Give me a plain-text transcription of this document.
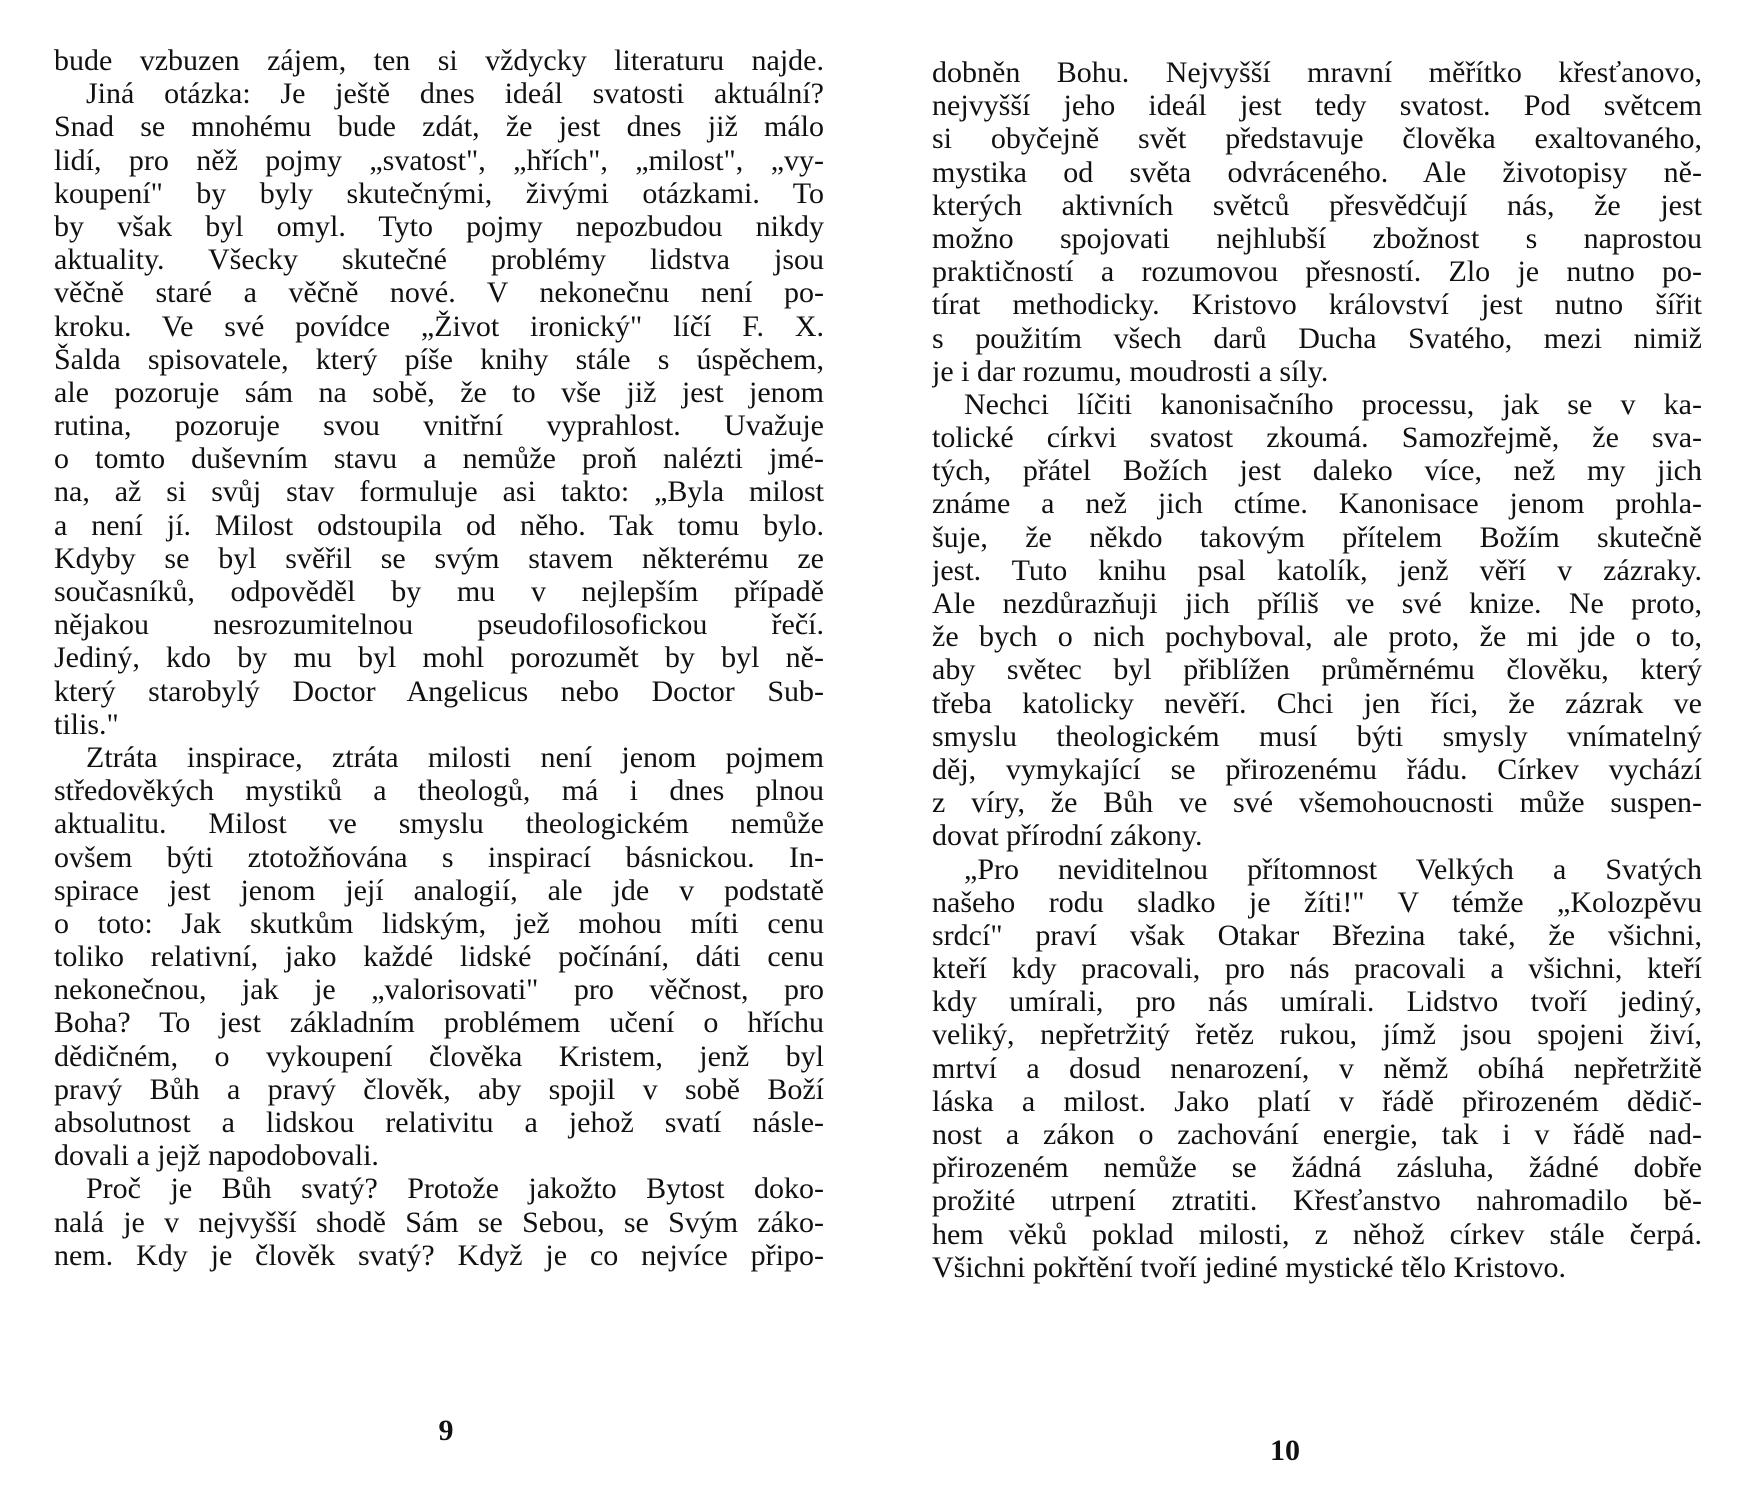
bude vzbuzen zájem, ten si vždycky literaturu najde.
Jiná otázka: Je ještě dnes ideál svatosti aktuální?
Snad se mnohému bude zdát, že jest dnes již málo
lidí, pro něž pojmy „svatost", „hřích", „milost", „vy-
koupení" by byly skutečnými, živými otázkami. To
by však byl omyl. Tyto pojmy nepozbudou nikdy
aktuality. Všecky skutečné problémy lidstva jsou
věčně staré a věčně nové. V nekonečnu není po-
kroku. Ve své povídce „Život ironický" líčí F. X.
Šalda spisovatele, který píše knihy stále s úspěchem,
ale pozoruje sám na sobě, že to vše již jest jenom
rutina, pozoruje svou vnitřní vyprahlost. Uvažuje
o tomto duševním stavu a nemůže proň nalézti jmé-
na, až si svůj stav formuluje asi takto: „Byla milost
a není jí. Milost odstoupila od něho. Tak tomu bylo.
Kdyby se byl svěřil se svým stavem některému ze
současníků, odpověděl by mu v nejlepším případě
nějakou nesrozumitelnou pseudofilosofickou řečí.
Jediný, kdo by mu byl mohl porozumět by byl ně-
který starobylý Doctor Angelicus nebo Doctor Sub-
tilis."
Ztráta inspirace, ztráta milosti není jenom pojmem
středověkých mystiků a theologů, má i dnes plnou
aktualitu. Milost ve smyslu theologickém nemůže
ovšem býti ztotožňována s inspirací básnickou. In-
spirace jest jenom její analogií, ale jde v podstatě
o toto: Jak skutkům lidským, jež mohou míti cenu
toliko relativní, jako každé lidské počínání, dáti cenu
nekonečnou, jak je „valorisovati" pro věčnost, pro
Boha? To jest základním problémem učení o hříchu
dědičném, o vykoupení člověka Kristem, jenž byl
pravý Bůh a pravý člověk, aby spojil v sobě Boží
absolutnost a lidskou relativitu a jehož svatí násle-
dovali a jejž napodobovali.
Proč je Bůh svatý? Protože jakožto Bytost doko-
nalá je v nejvyšší shodě Sám se Sebou, se Svým záko-
nem. Kdy je člověk svatý? Když je co nejvíce připo-
9
dobněn Bohu. Nejvyšší mravní měřítko křesťanovo,
nejvyšší jeho ideál jest tedy svatost. Pod světcem
si obyčejně svět představuje člověka exaltovaného,
mystika od světa odvráceného. Ale životopisy ně-
kterých aktivních světců přesvědčují nás, že jest
možno spojovati nejhlubší zbožnost s naprostou
praktičností a rozumovou přesností. Zlo je nutno po-
tírat methodicky. Kristovo království jest nutno šířit
s použitím všech darů Ducha Svatého, mezi nimiž
je i dar rozumu, moudrosti a síly.
Nechci líčiti kanonisačního processu, jak se v ka-
tolické církvi svatost zkoumá. Samozřejmě, že sva-
tých, přátel Božích jest daleko více, než my jich
známe a než jich ctíme. Kanonisace jenom prohla-
šuje, že někdo takovým přítelem Božím skutečně
jest. Tuto knihu psal katolík, jenž věří v zázraky.
Ale nezdůrazňuji jich příliš ve své knize. Ne proto,
že bych o nich pochyboval, ale proto, že mi jde o to,
aby světec byl přiblížen průměrnému člověku, který
třeba katolicky nevěří. Chci jen říci, že zázrak ve
smyslu theologickém musí býti smysly vnímatelný
děj, vymykající se přirozenému řádu. Církev vychází
z víry, že Bůh ve své všemohoucnosti může suspen-
dovat přírodní zákony.
„Pro neviditelnou přítomnost Velkých a Svatých
našeho rodu sladko je žíti!" V témže „Kolozpěvu
srdcí" praví však Otakar Březina také, že všichni,
kteří kdy pracovali, pro nás pracovali a všichni, kteří
kdy umírali, pro nás umírali. Lidstvo tvoří jediný,
veliký, nepřetržitý řetěz rukou, jímž jsou spojeni živí,
mrtví a dosud nenarození, v němž obíhá nepřetržitě
láska a milost. Jako platí v řádě přirozeném dědič-
nost a zákon o zachování energie, tak i v řádě nad-
přirozeném nemůže se žádná zásluha, žádné dobře
prožité utrpení ztratiti. Křesťanstvo nahromadilo bě-
hem věků poklad milosti, z něhož církev stále čerpá.
Všichni pokřtění tvoří jediné mystické tělo Kristovo.
10
